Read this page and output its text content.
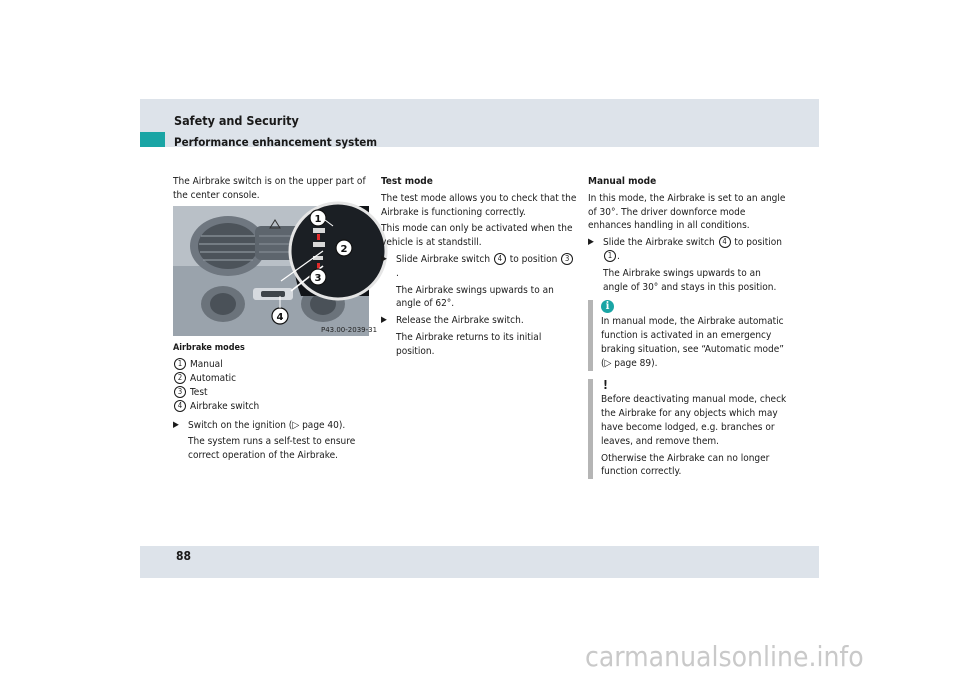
Safety and Security
Performance enhancement system

The Airbrake switch is on the upper part of the center console.

1
2
3
4
P43.00-2039-31
Airbrake modes
1 Manual
2 Automatic
3 Test
4 Airbrake switch
▶ Switch on the ignition (▷ page 40).

The system runs a self-test to ensure correct operation of the Airbrake.

Test mode

The test mode allows you to check that the Airbrake is functioning correctly.

This mode can only be activated when the vehicle is at standstill.

▶ Slide Airbrake switch 4 to position 3.

The Airbrake swings upwards to an angle of 62°.

▶ Release the Airbrake switch.

The Airbrake returns to its initial position.

Manual mode

In this mode, the Airbrake is set to an angle of 30°. The driver downforce mode enhances handling in all conditions.

▶ Slide the Airbrake switch 4 to position 1 .

The Airbrake swings upwards to an angle of 30° and stays in this position.

i

In manual mode, the Airbrake automatic function is activated in an emergency braking situation, see “Automatic mode” (▷ page 89).

!

Before deactivating manual mode, check the Airbrake for any objects which may have become lodged, e.g. branches or leaves, and remove them.

Otherwise the Airbrake can no longer function correctly.

88
carmanualsonline.info
